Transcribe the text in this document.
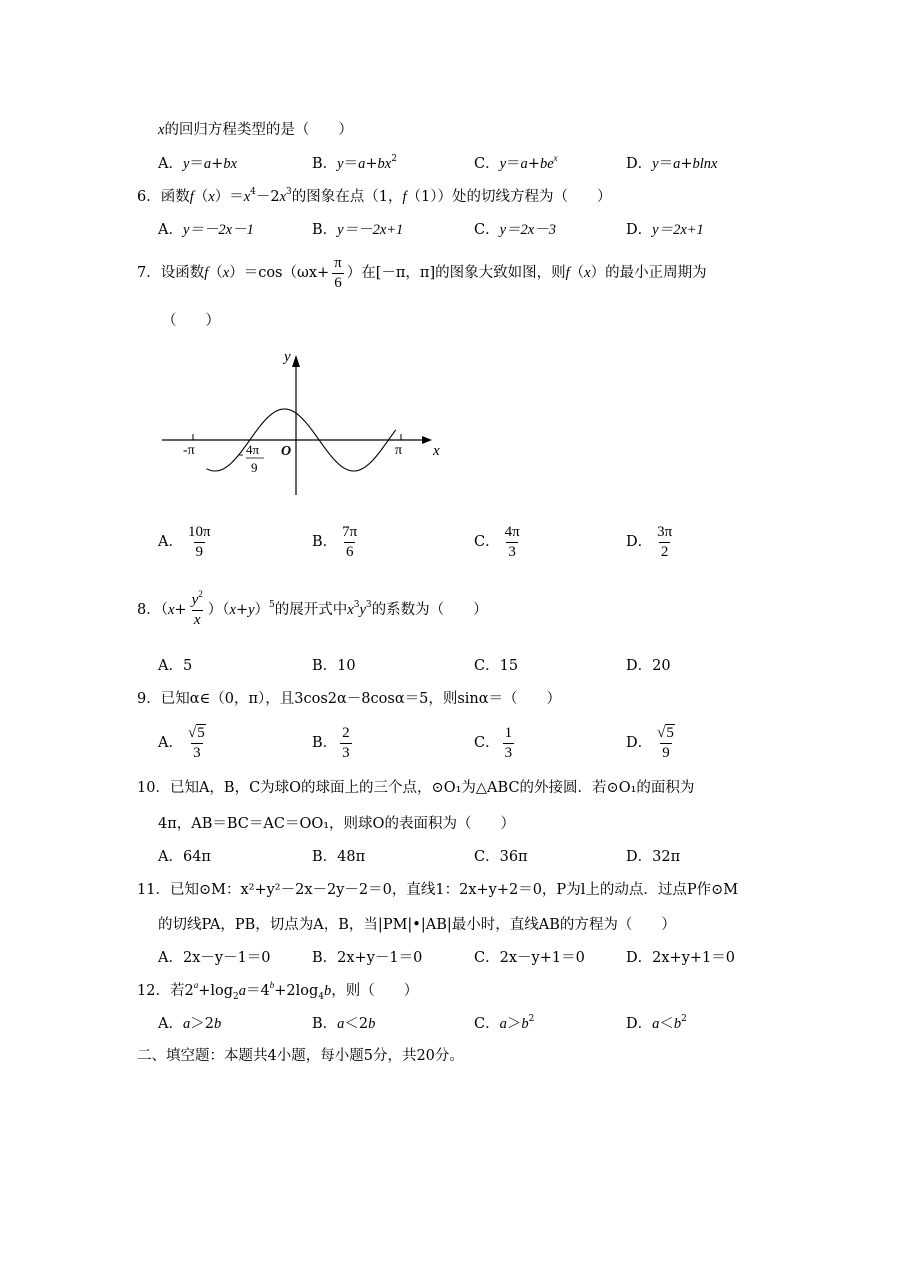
x的回归方程类型的是（　　）
A．y＝a+bx	B．$y=a+bx^2$	C．$y=a+be^x$	D．y＝a+blnx
6．函数$f(x)=x^4-2x^3$的图象在点（1，f（1））处的切线方程为（　　）
A．y＝－2x－1	B．y＝－2x+1	C．y＝2x－3	D．y＝2x+1
7．设函数$f(x)=\cos(\omega x+ \frac{\pi}{6}$ ）在[－π，π]的图象大致如图，则f（x）的最小正周期为
（　　）
y
x
O
-π	π
- 4π
9
A． $\frac{10\pi}{9}$	B． $\frac{7\pi}{6}$	C． $\frac{4\pi}{3}$	D． $\frac{3\pi}{2}$
8．$(x+ \frac{y^2}{x} )(x+y)^5$的展开式中$x^3y^3$的系数为（　　）
A．5	B．10	C．15	D．20
9．已知α∈（0，π），且3cos2α－8cosα＝5，则sinα＝（　　）
A． $\frac{√5}{3}$	B． $\frac{2}{3}$	C． $\frac{1}{3}$	D． $\frac{√5}{9}$
10．已知A，B，C为球O的球面上的三个点，⊙O₁为△ABC的外接圆．若⊙O₁的面积为
4π，AB＝BC＝AC＝OO₁，则球O的表面积为（　　）
A．64π	B．48π	C．36π	D．32π
11．已知⊙M：x²+y²－2x－2y－2＝0，直线1：2x+y+2＝0，P为l上的动点．过点P作⊙M
的切线PA，PB，切点为A，B，当|PM|•|AB|最小时，直线AB的方程为（　　）
A．2x－y－1＝0	B．2x+y－1＝0	C．2x－y+1＝0	D．2x+y+1＝0
12．若$2^a+\log_2a=4^b+2\log_4b$，则（　　）
A．a＞2b	B．a＜2b	C．$a>b^2$	D．$a<b^2$
二、填空题：本题共4小题，每小题5分，共20分。
